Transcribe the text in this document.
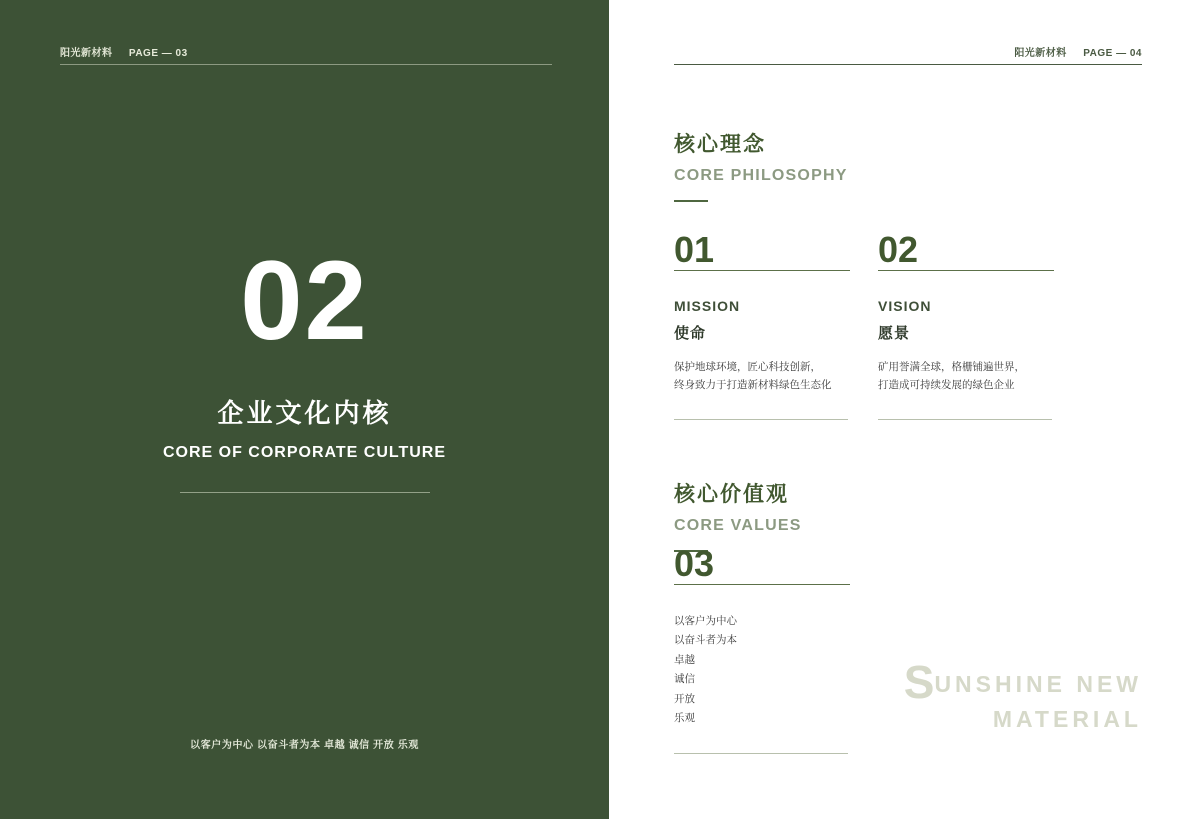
阳光新材料 PAGE — 03
02
企业文化内核
CORE OF CORPORATE CULTURE
以客户为中心 以奋斗者为本 卓越 诚信 开放 乐观
阳光新材料 PAGE — 04
核心理念
CORE PHILOSOPHY
01
MISSION
使命
保护地球环境，匠心科技创新，
终身致力于打造新材料绿色生态化
02
VISION
愿景
矿用誉满全球，格栅铺遍世界，
打造成可持续发展的绿色企业
核心价值观
CORE VALUES
03
以客户为中心
以奋斗者为本
卓越
诚信
开放
乐观
SUNSHINE NEW
MATERIAL
